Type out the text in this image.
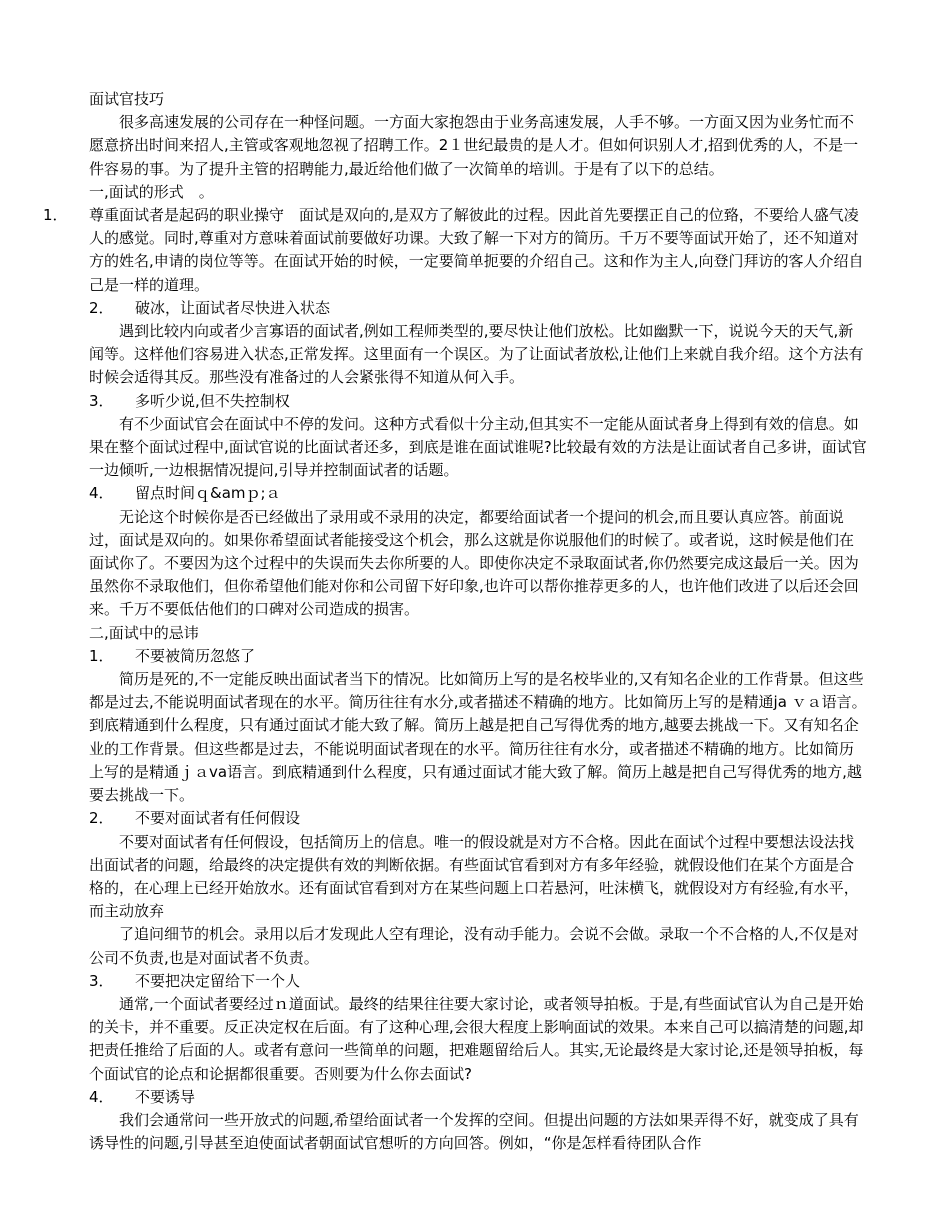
面试官技巧

很多高速发展的公司存在一种怪问题。一方面大家抱怨由于业务高速发展，人手不够。一方面又因为业务忙而不愿意挤出时间来招人,主管或客观地忽视了招聘工作。2１世纪最贵的是人才。但如何识别人才,招到优秀的人，不是一件容易的事。为了提升主管的招聘能力,最近给他们做了一次简单的培训。于是有了以下的总结。

一,面试的形式　。

1． 尊重面试者是起码的职业操守　面试是双向的,是双方了解彼此的过程。因此首先要摆正自己的位臵，不要给人盛气凌人的感觉。同时,尊重对方意味着面试前要做好功课。大致了解一下对方的简历。千万不要等面试开始了，还不知道对方的姓名,申请的岗位等等。在面试开始的时候，一定要简单扼要的介绍自己。这和作为主人,向登门拜访的客人介绍自己是一样的道理。

2． 破冰，让面试者尽快进入状态

遇到比较内向或者少言寡语的面试者,例如工程师类型的,要尽快让他们放松。比如幽默一下，说说今天的天气,新闻等。这样他们容易进入状态,正常发挥。这里面有一个误区。为了让面试者放松,让他们上来就自我介绍。这个方法有时候会适得其反。那些没有准备过的人会紧张得不知道从何入手。

3． 多听少说,但不失控制权

有不少面试官会在面试中不停的发问。这种方式看似十分主动,但其实不一定能从面试者身上得到有效的信息。如果在整个面试过程中,面试官说的比面试者还多，到底是谁在面试谁呢?比较最有效的方法是让面试者自己多讲，面试官一边倾听,一边根据情况提问,引导并控制面试者的话题。

4． 留点时间ｑ&amｐ;ａ

无论这个时候你是否已经做出了录用或不录用的决定，都要给面试者一个提问的机会,而且要认真应答。前面说过，面试是双向的。如果你希望面试者能接受这个机会，那么这就是你说服他们的时候了。或者说，这时候是他们在面试你了。不要因为这个过程中的失误而失去你所要的人。即使你决定不录取面试者,你仍然要完成这最后一关。因为虽然你不录取他们，但你希望他们能对你和公司留下好印象,也许可以帮你推荐更多的人，也许他们改进了以后还会回来。千万不要低估他们的口碑对公司造成的损害。

二,面试中的忌讳

1． 不要被简历忽悠了

简历是死的,不一定能反映出面试者当下的情况。比如简历上写的是名校毕业的,又有知名企业的工作背景。但这些都是过去,不能说明面试者现在的水平。简历往往有水分,或者描述不精确的地方。比如简历上写的是精通ja ｖａ语言。到底精通到什么程度，只有通过面试才能大致了解。简历上越是把自己写得优秀的地方,越要去挑战一下。又有知名企业的工作背景。但这些都是过去，不能说明面试者现在的水平。简历往往有水分，或者描述不精确的地方。比如简历上写的是精通ｊａva语言。到底精通到什么程度，只有通过面试才能大致了解。简历上越是把自己写得优秀的地方,越要去挑战一下。

2． 不要对面试者有任何假设

不要对面试者有任何假设，包括简历上的信息。唯一的假设就是对方不合格。因此在面试个过程中要想法设法找出面试者的问题，给最终的决定提供有效的判断依据。有些面试官看到对方有多年经验，就假设他们在某个方面是合格的，在心理上已经开始放水。还有面试官看到对方在某些问题上口若悬河，吐沫横飞，就假设对方有经验,有水平，而主动放弃

了追问细节的机会。录用以后才发现此人空有理论，没有动手能力。会说不会做。录取一个不合格的人,不仅是对公司不负责,也是对面试者不负责。

3． 不要把决定留给下一个人

通常,一个面试者要经过ｎ道面试。最终的结果往往要大家讨论，或者领导拍板。于是,有些面试官认为自己是开始的关卡，并不重要。反正决定权在后面。有了这种心理,会很大程度上影响面试的效果。本来自己可以搞清楚的问题,却把责任推给了后面的人。或者有意问一些简单的问题，把难题留给后人。其实,无论最终是大家讨论,还是领导拍板，每个面试官的论点和论据都很重要。否则要为什么你去面试?

4． 不要诱导

我们会通常问一些开放式的问题,希望给面试者一个发挥的空间。但提出问题的方法如果弄得不好，就变成了具有诱导性的问题,引导甚至迫使面试者朝面试官想听的方向回答。例如，“你是怎样看待团队合作
